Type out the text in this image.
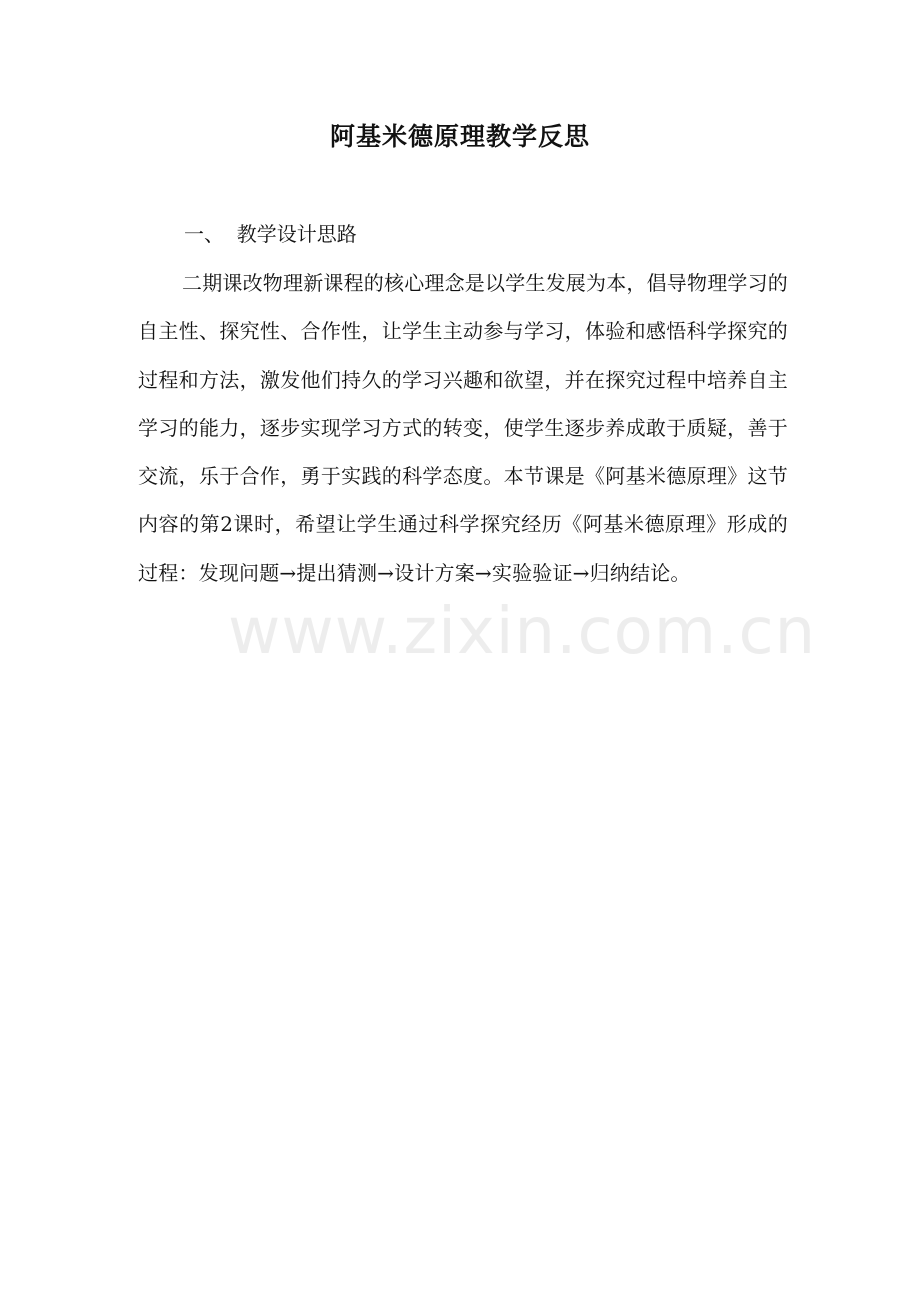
阿基米德原理教学反思
一、  教学设计思路

二期课改物理新课程的核心理念是以学生发展为本，倡导物理学习的自主性、探究性、合作性，让学生主动参与学习，体验和感悟科学探究的过程和方法，激发他们持久的学习兴趣和欲望，并在探究过程中培养自主学习的能力，逐步实现学习方式的转变，使学生逐步养成敢于质疑，善于交流，乐于合作，勇于实践的科学态度。本节课是《阿基米德原理》这节内容的第2课时，希望让学生通过科学探究经历《阿基米德原理》形成的过程：发现问题→提出猜测→设计方案→实验验证→归纳结论。

www.zixin.com.cn
